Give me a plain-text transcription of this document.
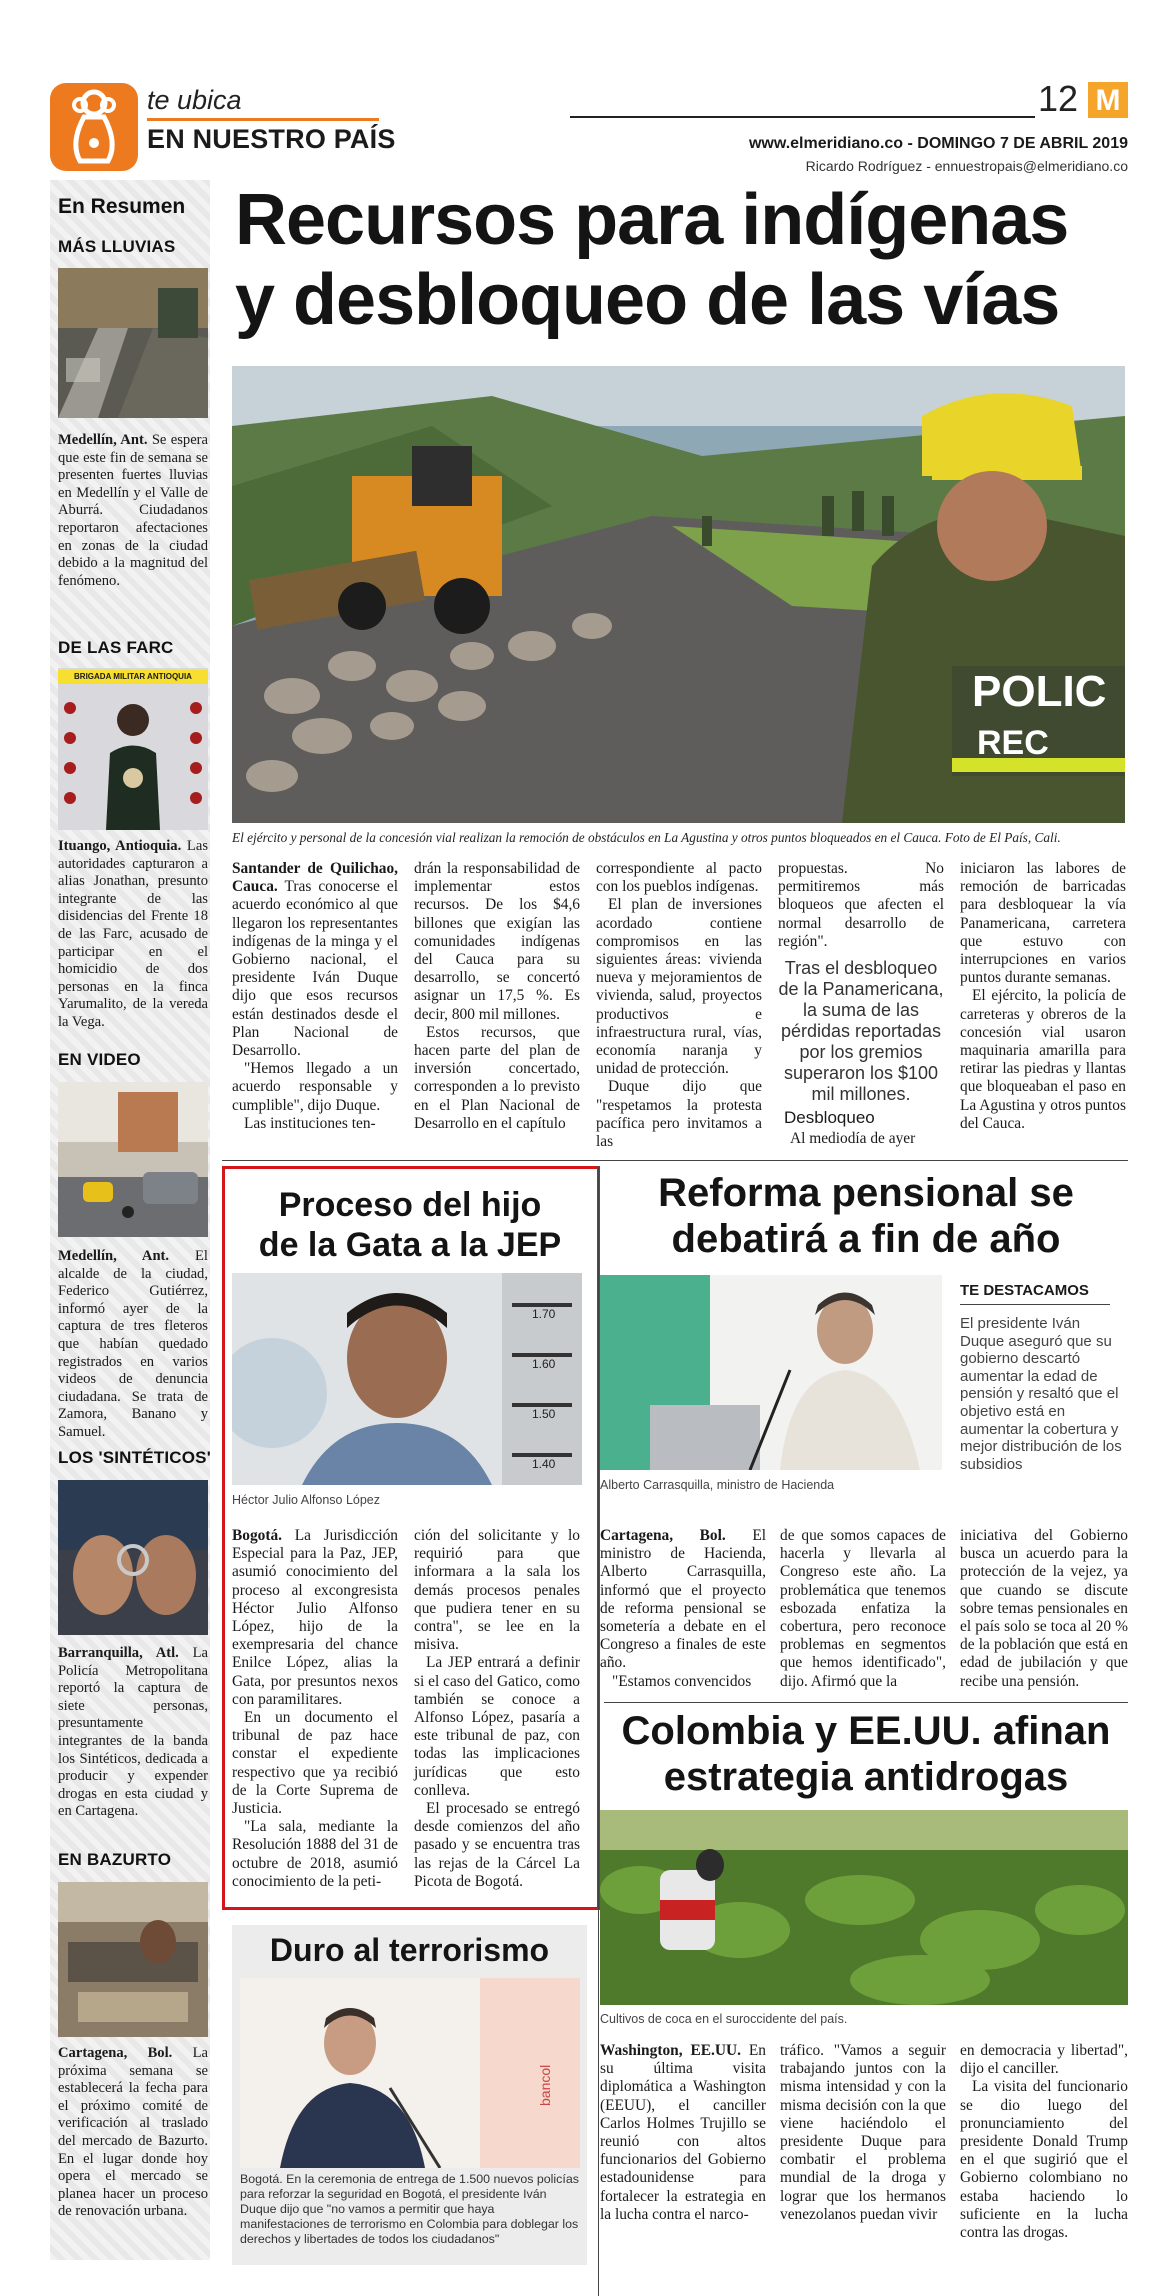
te ubica
EN NUESTRO PAÍS
12 M
www.elmeridiano.co - DOMINGO 7 DE ABRIL 2019
Ricardo Rodríguez - ennuestropais@elmeridiano.co
En Resumen
MÁS LLUVIAS
Medellín, Ant. Se espera que este fin de semana se presenten fuertes lluvias en Medellín y el Valle de Aburrá. Ciudadanos reportaron afectaciones en zonas de la ciudad debido a la magnitud del fenómeno.
DE LAS FARC
BRIGADA MILITAR ANTIOQUIA
Ituango, Antioquia. Las autoridades capturaron a alias Jonathan, presunto integrante de las disidencias del Frente 18 de las Farc, acusado de participar en el homicidio de dos personas en la finca Yarumalito, de la vereda la Vega.
EN VIDEO
Medellín, Ant. El alcalde de la ciudad, Federico Gutiérrez, informó ayer de la captura de tres fleteros que habían quedado registrados en varios videos de denuncia ciudadana. Se trata de Zamora, Banano y Samuel.
LOS 'SINTÉTICOS'
Barranquilla, Atl. La Policía Metropolitana reportó la captura de siete personas, presuntamente integrantes de la banda los Sintéticos, dedicada a producir y expender drogas en esta ciudad y en Cartagena.
EN BAZURTO
Cartagena, Bol. La próxima semana se establecerá la fecha para el próximo comité de verificación al traslado del mercado de Bazurto. En el lugar donde hoy opera el mercado se planea hacer un proceso de renovación urbana.
Recursos para indígenas
y desbloqueo de las vías
POLIC
REC
El ejército y personal de la concesión vial realizan la remoción de obstáculos en La Agustina y otros puntos bloqueados en el Cauca. Foto de El País, Cali.

Santander de Quilichao, Cauca. Tras conocerse el acuerdo económico al que llegaron los representantes indígenas de la minga y el Gobierno nacional, el presidente Iván Duque dijo que esos recursos están destinados desde el Plan Nacional de Desarrollo.

"Hemos llegado a un acuerdo responsable y cumplible", dijo Duque.

Las instituciones ten-

drán la responsabilidad de implementar estos recursos. De los $4,6 billones que exigían las comunidades indígenas del Cauca para su desarrollo, se concertó asignar un 17,5 %. Es decir, 800 mil millones.

Estos recursos, que hacen parte del plan de inversión concertado, corresponden a lo previsto en el Plan Nacional de Desarrollo en el capítulo

correspondiente al pacto con los pueblos indígenas.

El plan de inversiones acordado contiene compromisos en las siguientes áreas: vivienda nueva y mejoramientos de vivienda, salud, proyectos productivos e infraestructura rural, vías, economía naranja y unidad de protección.

Duque dijo que "respetamos la protesta pacífica pero invitamos a las

propuestas. No permitiremos más bloqueos que afecten el normal desarrollo de región".

Tras el desbloqueo de la Panamericana, la suma de las pérdidas reportadas por los gremios superaron los $100 mil millones.
Desbloqueo

Al mediodía de ayer

iniciaron las labores de remoción de barricadas para desbloquear la vía Panamericana, carretera que estuvo con interrupciones en varios puntos durante semanas.

El ejército, la policía de carreteras y obreros de la concesión vial usaron maquinaria amarilla para retirar las piedras y llantas que bloqueaban el paso en La Agustina y otros puntos del Cauca.

Proceso del hijo
de la Gata a la JEP
1.70
1.60
1.50
1.40
Héctor Julio Alfonso López

Bogotá. La Jurisdicción Especial para la Paz, JEP, asumió conocimiento del proceso al excongresista Héctor Julio Alfonso López, hijo de la exempresaria del chance Enilce López, alias la Gata, por presuntos nexos con paramilitares.

En un documento el tribunal de paz hace constar el expediente respectivo que ya recibió de la Corte Suprema de Justicia.

"La sala, mediante la Resolución 1888 del 31 de octubre de 2018, asumió conocimiento de la peti-

ción del solicitante y lo requirió para que informara a la sala los demás procesos penales que pudiera tener en su contra", se lee en la misiva.

La JEP entrará a definir si el caso del Gatico, como también se conoce a Alfonso López, pasaría a este tribunal de paz, con todas las implicaciones jurídicas que esto conlleva.

El procesado se entregó desde comienzos del año pasado y se encuentra tras las rejas de la Cárcel La Picota de Bogotá.

Reforma pensional se
debatirá a fin de año
Alberto Carrasquilla, ministro de Hacienda
TE DESTACAMOS
El presidente Iván Duque aseguró que su gobierno descartó aumentar la edad de pensión y resaltó que el objetivo está en aumentar la cobertura y mejor distribución de los subsidios

Cartagena, Bol. El ministro de Hacienda, Alberto Carrasquilla, informó que el proyecto de reforma pensional se sometería a debate en el Congreso a finales de este año.

"Estamos convencidos

de que somos capaces de hacerla y llevarla al Congreso este año. La problemática que tenemos esbozada enfatiza la cobertura, pero reconoce problemas en segmentos que hemos identificado", dijo. Afirmó que la

iniciativa del Gobierno busca un acuerdo para la protección de la vejez, ya que cuando se discute sobre temas pensionales en el país solo se toca al 20 % de la población que está en edad de jubilación y que recibe una pensión.

Colombia y EE.UU. afinan
estrategia antidrogas
Cultivos de coca en el suroccidente del país.

Washington, EE.UU. En su última visita diplomática a Washington (EEUU), el canciller Carlos Holmes Trujillo se reunió con altos funcionarios del Gobierno estadounidense para fortalecer la estrategia en la lucha contra el narco-

tráfico. "Vamos a seguir trabajando juntos con la misma intensidad y con la misma decisión con la que viene haciéndolo el presidente Duque para combatir el problema mundial de la droga y lograr que los hermanos venezolanos puedan vivir

en democracia y libertad", dijo el canciller.

La visita del funcionario se dio luego del pronunciamiento del presidente Donald Trump en el que sugirió que el Gobierno colombiano no estaba haciendo lo suficiente en la lucha contra las drogas.

Duro al terrorismo
bancol
Bogotá. En la ceremonia de entrega de 1.500 nuevos policías para reforzar la seguridad en Bogotá, el presidente Iván Duque dijo que "no vamos a permitir que haya manifestaciones de terrorismo en Colombia para doblegar los derechos y libertades de todos los ciudadanos"
